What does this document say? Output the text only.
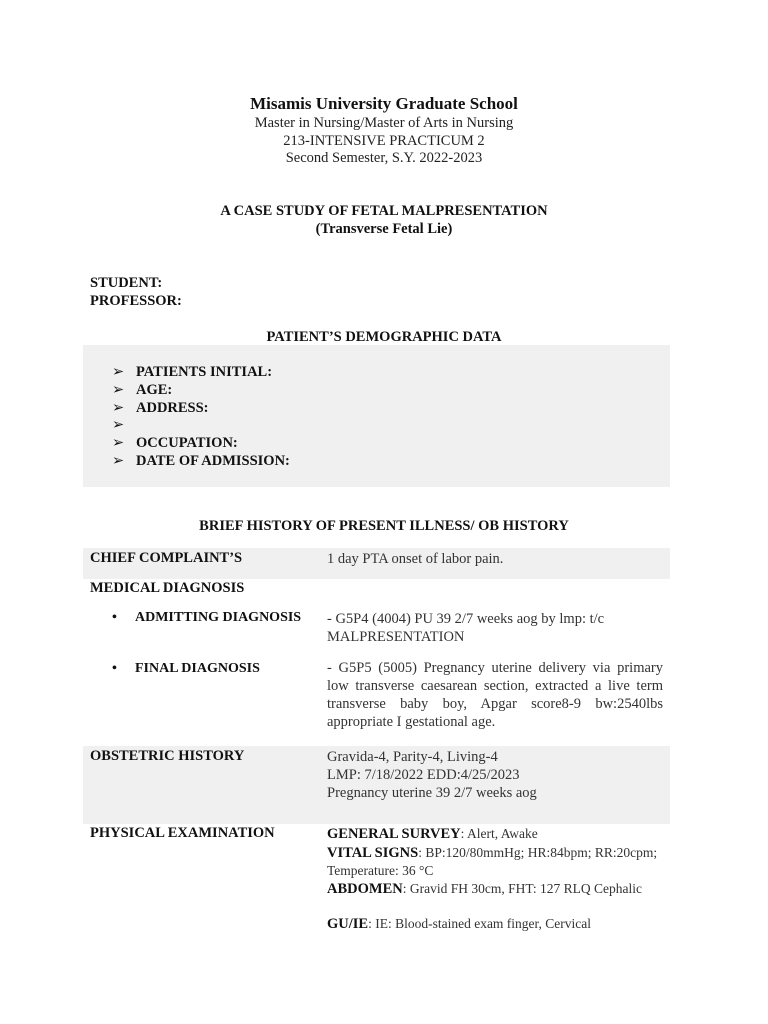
Misamis University Graduate School
Master in Nursing/Master of Arts in Nursing
213-INTENSIVE PRACTICUM 2
Second Semester, S.Y. 2022-2023
A CASE STUDY OF FETAL MALPRESENTATION
(Transverse Fetal Lie)
STUDENT:
PROFESSOR:
PATIENT’S DEMOGRAPHIC DATA
➢ PATIENTS INITIAL:
➢ AGE:
➢ ADDRESS:
➢
➢ OCCUPATION:
➢ DATE OF ADMISSION:
BRIEF HISTORY OF PRESENT ILLNESS/ OB HISTORY
CHIEF COMPLAINT’S	1 day PTA onset of labor pain.
MEDICAL DIAGNOSIS
• ADMITTING DIAGNOSIS - G5P4 (4004) PU 39 2/7 weeks aog by lmp: t/c MALPRESENTATION
• FINAL DIAGNOSIS	- G5P5 (5005) Pregnancy uterine delivery via primary low transverse caesarean section, extracted a live term transverse baby boy, Apgar score8-9 bw:2540lbs appropriate I gestational age.
OBSTETRIC HISTORY	Gravida-4, Parity-4, Living-4
LMP: 7/18/2022 EDD:4/25/2023
Pregnancy uterine 39 2/7 weeks aog
PHYSICAL EXAMINATION	GENERAL SURVEY: Alert, Awake
VITAL SIGNS: BP:120/80mmHg; HR:84bpm; RR:20cpm; Temperature: 36 °C
ABDOMEN: Gravid FH 30cm, FHT: 127 RLQ Cephalic
GU/IE: IE: Blood-stained exam finger, Cervical
